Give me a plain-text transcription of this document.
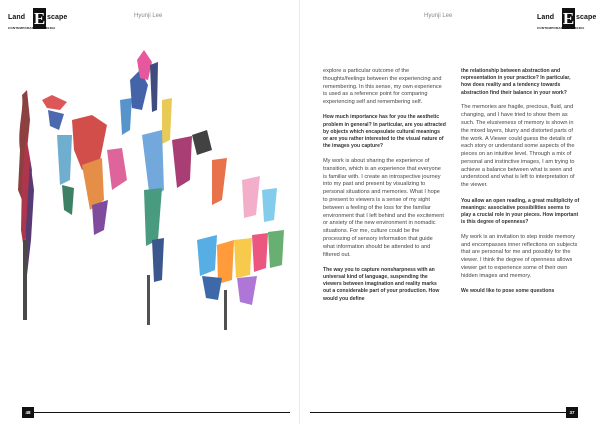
Land E scape
CONTEMPORARY ART MEDIA
Hyunji Lee
48
Hyunji Lee	Land E scape
CONTEMPORARY ART MEDIA

explore a particular outcome of the thoughts/feelings between the experiencing and remembering. In this sense, my own experience is used as a reference point for comparing experiencing self and remembering self.

How much importance has for you the aesthetic problem in general? In particular, are you attracted by objects which encapsulate cultural meanings or are you rather interested to the visual nature of the images you capture?

My work is about sharing the experience of transition, which is an experience that everyone is familiar with. I create an introspective journey into my past and present by visualizing to personal situations and memories. What I hope to present to viewers is a sense of my sight between a feeling of the loss for the familiar environment that I left behind and the excitement or anxiety of the new environment in nomadic situations. For me, culture could be the processing of sensory information that guide what information should be attended to and filtered out.

The way you to capture nonsharpness with an universal kind of language, suspending the viewers between imagination and reality marks out a considerable part of your production. How would you define

the relationship between abstraction and representation in your practice? In particular, how does reality and a tendency towards abstraction find their balance in your work?

The memories are fragile, precious, fluid, and changing, and I have tried to show them as such. The elusiveness of memory is shown in the mixed layers, blurry and distorted parts of the work. A Viewer could guess the details of each story or understand some aspects of the pieces on an intuitive level. Through a mix of personal and instinctive images, I am trying to achieve a balance between what is seen and understood and what is left to interpretation of the viewer.

You allow an open reading, a great multiplicity of meanings: associative possibilities seems to play a crucial role in your pieces. How important is this degree of openness?

My work is an invitation to step inside memory and encompasses inner reflections on subjects that are personal for me and possibly for the viewer. I think the degree of openness allows viewer get to experience some of their own hidden images and memory.

We would like to pose some questions

37
